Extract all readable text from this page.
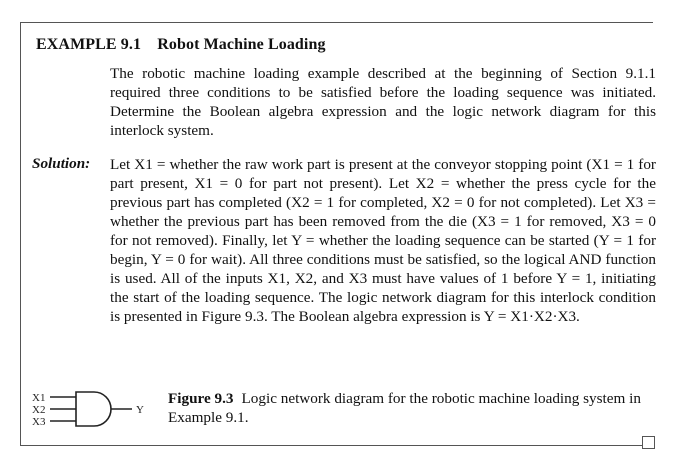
EXAMPLE 9.1 Robot Machine Loading

The robotic machine loading example described at the beginning of Section 9.1.1 required three conditions to be satisfied before the loading sequence was initiated. Determine the Boolean algebra expression and the logic network diagram for this interlock system.

Solution: Let X1 = whether the raw work part is present at the conveyor stopping point (X1 = 1 for part present, X1 = 0 for part not present). Let X2 = whether the press cycle for the previous part has completed (X2 = 1 for completed, X2 = 0 for not completed). Let X3 = whether the previous part has been removed from the die (X3 = 1 for removed, X3 = 0 for not removed). Finally, let Y = whether the loading sequence can be started (Y = 1 for begin, Y = 0 for wait). All three conditions must be satisfied, so the logical AND function is used. All of the inputs X1, X2, and X3 must have values of 1 before Y = 1, initiating the start of the loading sequence. The logic network diagram for this interlock condition is presented in Figure 9.3. The Boolean algebra expression is Y = X1·X2·X3.

X1
X2
X3
Y

Figure 9.3 Logic network diagram for the robotic machine loading system in Example 9.1.
